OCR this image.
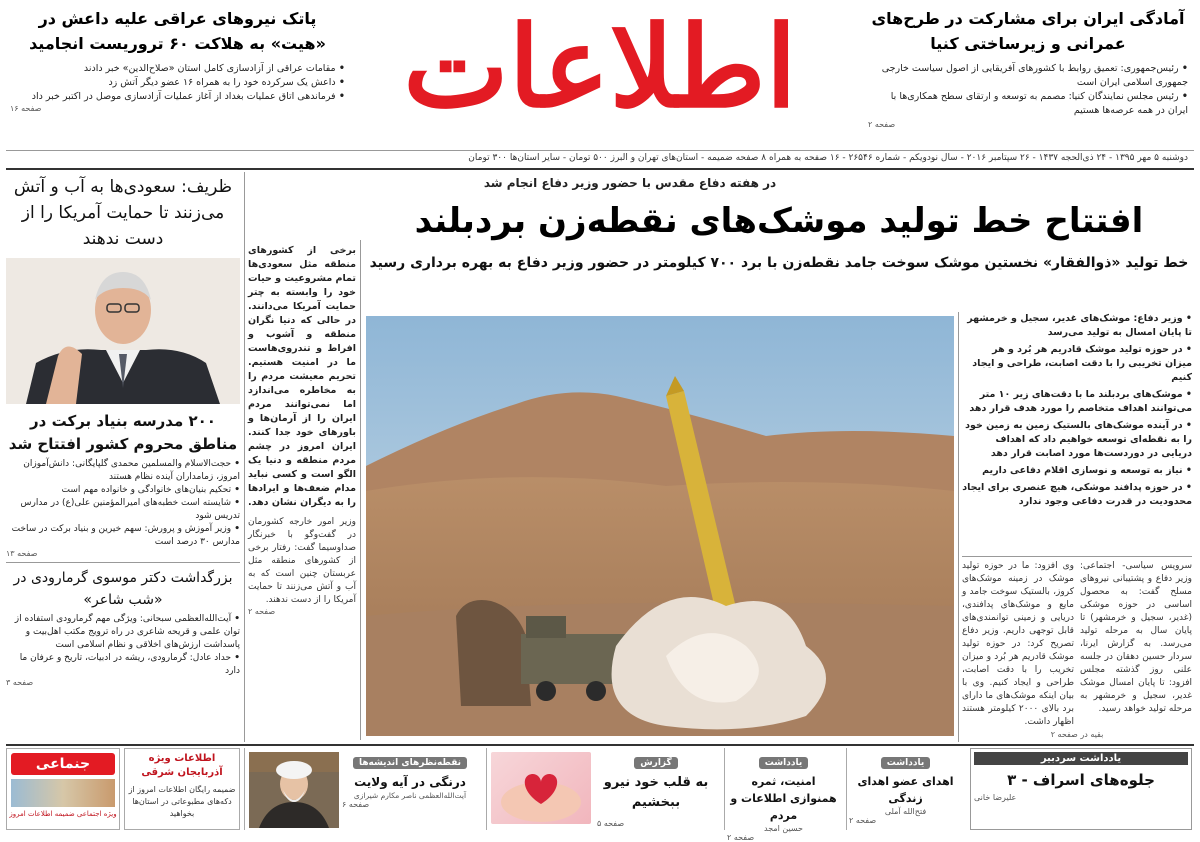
آمادگی ایران برای مشارکت در طرح‌های عمرانی و زیرساختی کنیا
• رئیس‌جمهوری: تعمیق روابط با کشورهای آفریقایی از اصول سیاست خارجی جمهوری اسلامی ایران است
• رئیس مجلس نمایندگان کنیا: مصمم به توسعه و ارتقای سطح همکاری‌ها با ایران در همه عرصه‌ها هستیم
صفحه ۲
اطلاعات
پاتک نیروهای عراقی علیه داعش در «هیت» به هلاکت ۶۰ تروریست انجامید
• مقامات عراقی از آزادسازی کامل استان «صلاح‌الدین» خبر دادند
• داعش یک سرکرده خود را به همراه ۱۶ عضو دیگر آتش زد
• فرماندهی اتاق عملیات بغداد از آغاز عملیات آزادسازی موصل در اکتبر خبر داد
صفحه ۱۶
دوشنبه ۵ مهر ۱۳۹۵ - ۲۴ ذی‌الحجه ۱۴۳۷ - ۲۶ سپتامبر ۲۰۱۶ - سال نودویکم - شماره ۲۶۵۴۶ - ۱۶ صفحه به همراه ۸ صفحه ضمیمه - استان‌های تهران و البرز ۵۰۰ تومان - سایر استان‌ها ۳۰۰ تومان
ظریف: سعودی‌ها به آب و آتش می‌زنند تا حمایت آمریکا را از دست ندهند
۲۰۰ مدرسه بنیاد برکت در مناطق محروم کشور افتتاح شد
• حجت‌الاسلام والمسلمین محمدی گلپایگانی: دانش‌آموزان امروز، زمامداران آینده نظام هستند
• تحکیم بنیان‌های خانوادگی و خانواده مهم است
• شایسته است خطبه‌های امیرالمؤمنین علی(ع) در مدارس تدریس شود
• وزیر آموزش و پرورش: سهم خیرین و بنیاد برکت در ساخت مدارس ۳۰ درصد است
صفحه ۱۳
بزرگداشت دکتر موسوی گرمارودی در «شب شاعر»
• آیت‌الله‌العظمی سبحانی: ویژگی مهم گرمارودی استفاده از توان علمی و قریحه شاعری در راه ترویج مکتب اهل‌بیت و پاسداشت ارزش‌های اخلاقی و نظام اسلامی است
• حداد عادل: گرمارودی، ریشه در ادبیات، تاریخ و عرفان ما دارد
صفحه ۳
برخی از کشورهای منطقه مثل سعودی‌ها تمام مشروعیت و حیات خود را وابسته به چتر حمایت آمریکا می‌دانند. در حالی که دنیا نگران منطقه و آشوب و افراط و تندروی‌هاست ما در امنیت هستیم. تحریم معیشت مردم را به مخاطره می‌اندازد اما نمی‌توانند مردم ایران را از آرمان‌ها و باورهای خود جدا کنند. ایران امروز در چشم مردم منطقه و دنیا یک الگو است و کسی نباید مدام ضعف‌ها و ایرادها را به دیگران نشان دهد.
وزیر امور خارجه کشورمان در گفت‌وگو با خبرنگار صداوسیما گفت: رفتار برخی از کشورهای منطقه مثل عربستان چنین است که به آب و آتش می‌زنند تا حمایت آمریکا را از دست ندهند.
صفحه ۲
در هفته دفاع مقدس با حضور وزیر دفاع انجام شد
افتتاح خط تولید موشک‌های نقطه‌زن بردبلند
خط تولید «ذوالفقار» نخستین موشک سوخت جامد نقطه‌زن با برد ۷۰۰ کیلومتر در حضور وزیر دفاع به بهره برداری رسید
• وزیر دفاع: موشک‌های غدیر، سجیل و خرمشهر تا پایان امسال به تولید می‌رسد
• در حوزه تولید موشک قادریم هر بُرد و هر میزان تخریبی را با دقت اصابت، طراحی و ایجاد کنیم
• موشک‌های بردبلند ما با دقت‌های زیر ۱۰ متر می‌توانند اهداف متخاصم را مورد هدف قرار دهد
• در آینده موشک‌های بالستیک زمین به زمین خود را به نقطه‌ای توسعه خواهیم داد که اهداف دریایی در دوردست‌ها مورد اصابت قرار دهد
• نیاز به توسعه و نوسازی اقلام دفاعی داریم
• در حوزه پدافند موشکی، هیچ عنصری برای ایجاد محدودیت در قدرت دفاعی وجود ندارد
سرویس سیاسی- اجتماعی: وزیر دفاع و پشتیبانی نیروهای مسلح گفت: به محصول اساسی در حوزه موشکی (غدیر، سجیل و خرمشهر) تا پایان سال به مرحله تولید می‌رسد. به گزارش ایرنا، سردار حسین دهقان در جلسه علنی روز گذشته مجلس افزود: تا پایان امسال موشک غدیر، سجیل و خرمشهر به مرحله تولید خواهد رسید.
وی افزود: ما در حوزه تولید موشک در زمینه موشک‌های کروز، بالستیک سوخت جامد و مایع و موشک‌های پدافندی، دریایی و زمینی توانمندی‌های قابل توجهی داریم. وزیر دفاع تصریح کرد: در حوزه تولید موشک قادریم هر بُرد و میزان تخریب را با دقت اصابت، طراحی و ایجاد کنیم. وی با بیان اینکه موشک‌های ما دارای برد بالای ۲۰۰۰ کیلومتر هستند اظهار داشت.
بقیه در صفحه ۲
یادداشت سردبیر
جلوه‌های اسراف - ۳
علیرضا خانی
یادداشت
اهدای عضو اهدای زندگی
فتح‌الله آملی
صفحه ۲
یادداشت
امنیت، ثمره همنوازی اطلاعات و مردم
حسین امجد
صفحه ۲
گزارش
به قلب خود نیرو ببخشیم
صفحه ۵
نقطه‌نظرهای اندیشه‌ها
درنگی در آیه ولایت
آیت‌الله‌العظمی ناصر مکارم شیرازی
صفحه ۶
اطلاعات ویژه آذربایجان شرقی
ضمیمه رایگان اطلاعات امروز از دکه‌های مطبوعاتی در استان‌ها بخواهید
جنماعی
ویژه اجتماعی ضمیمه اطلاعات امروز
